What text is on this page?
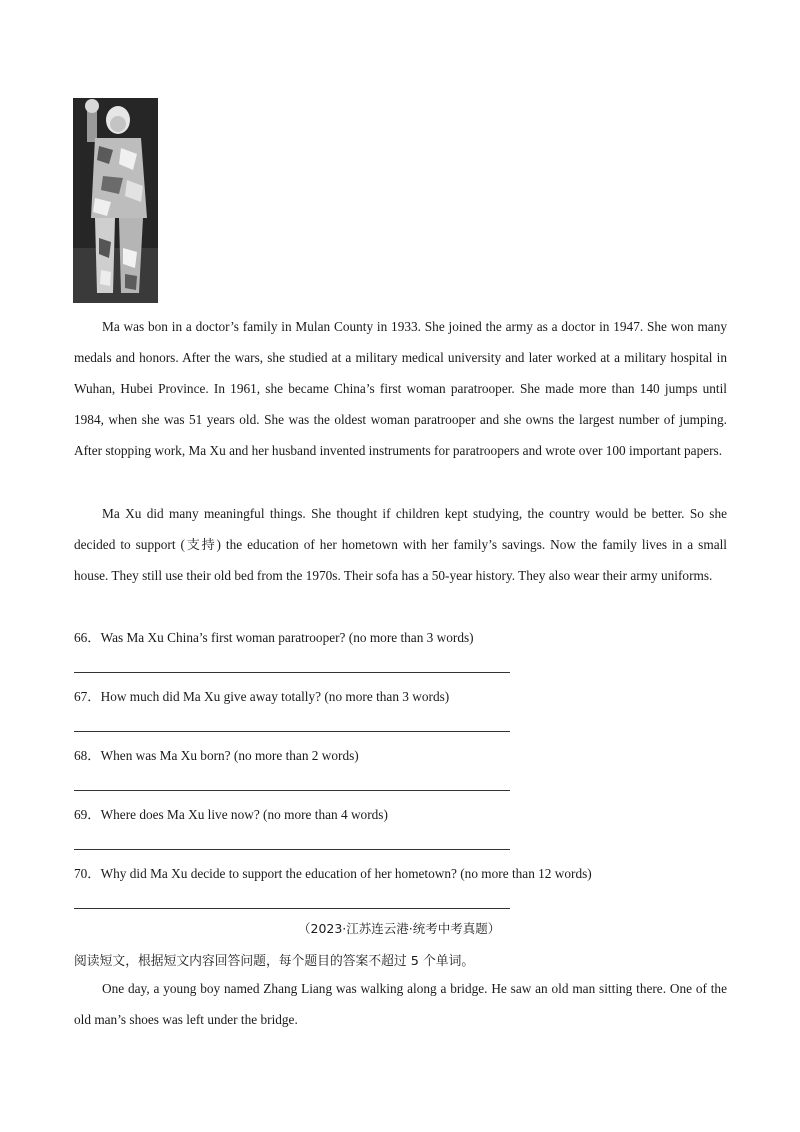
Ma was bon in a doctor’s family in Mulan County in 1933. She joined the army as a doctor in 1947. She won many medals and honors. After the wars, she studied at a military medical university and later worked at a military hospital in Wuhan, Hubei Province. In 1961, she became China’s first woman paratrooper. She made more than 140 jumps until 1984, when she was 51 years old. She was the oldest woman paratrooper and she owns the largest number of jumping. After stopping work, Ma Xu and her husband invented instruments for paratroopers and wrote over 100 important papers.

Ma Xu did many meaningful things. She thought if children kept studying, the country would be better. So she decided to support (支持) the education of her hometown with her family’s savings. Now the family lives in a small house. They still use their old bed from the 1970s. Their sofa has a 50-year history. They also wear their army uniforms.

66．Was Ma Xu China’s first woman paratrooper? (no more than 3 words)

67．How much did Ma Xu give away totally? (no more than 3 words)

68．When was Ma Xu born? (no more than 2 words)

69．Where does Ma Xu live now? (no more than 4 words)

70．Why did Ma Xu decide to support the education of her hometown? (no more than 12 words)

（2023·江苏连云港·统考中考真题）
阅读短文，根据短文内容回答问题，每个题目的答案不超过 5 个单词。

One day, a young boy named Zhang Liang was walking along a bridge. He saw an old man sitting there. One of the old man’s shoes was left under the bridge.
